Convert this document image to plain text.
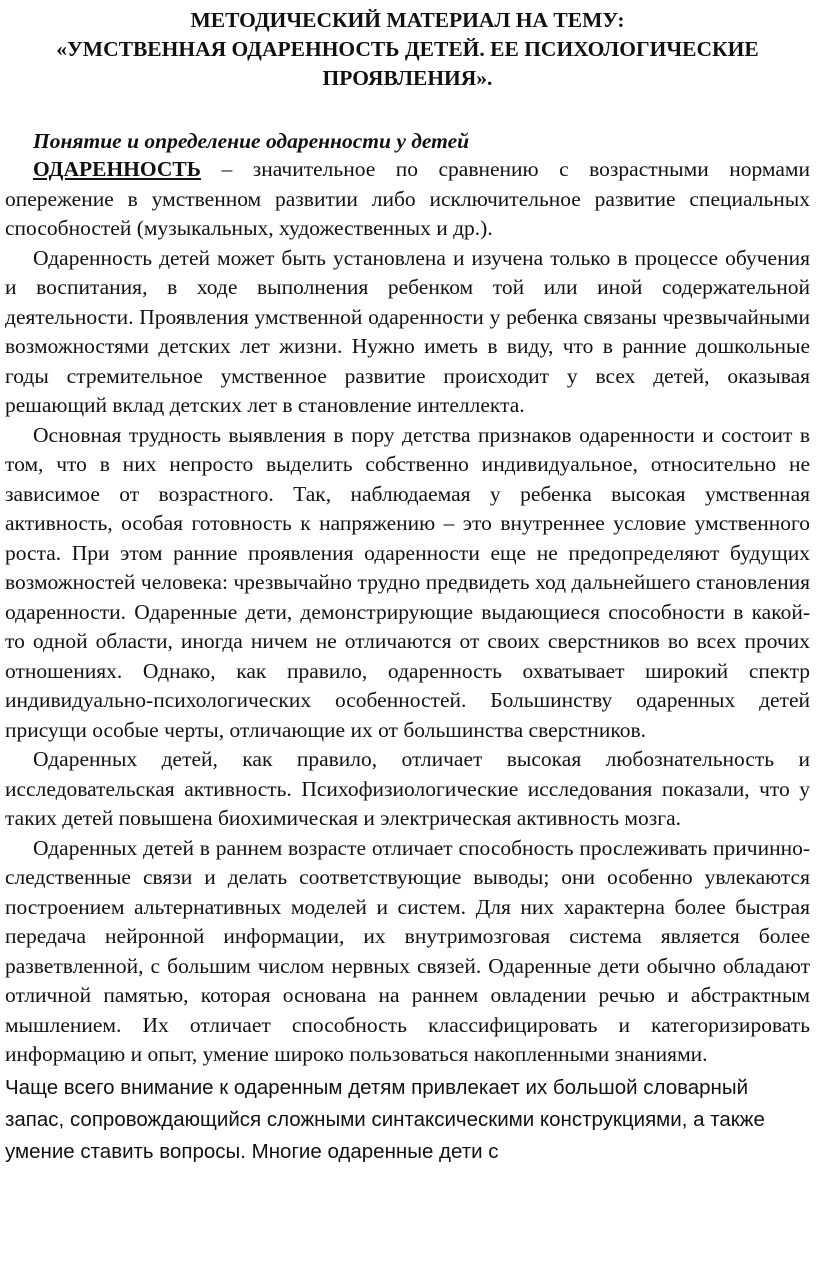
МЕТОДИЧЕСКИЙ МАТЕРИАЛ НА ТЕМУ:
«УМСТВЕННАЯ ОДАРЕННОСТЬ ДЕТЕЙ. ЕЕ ПСИХОЛОГИЧЕСКИЕ
ПРОЯВЛЕНИЯ».
Понятие и определение одаренности у детей

ОДАРЕННОСТЬ – значительное по сравнению с возрастными нормами опережение в умственном развитии либо исключительное развитие специальных способностей (музыкальных, художественных и др.).

Одаренность детей может быть установлена и изучена только в процессе обучения и воспитания, в ходе выполнения ребенком той или иной содержательной деятельности. Проявления умственной одаренности у ребенка связаны чрезвычайными возможностями детских лет жизни. Нужно иметь в виду, что в ранние дошкольные годы стремительное умственное развитие происходит у всех детей, оказывая решающий вклад детских лет в становление интеллекта.

Основная трудность выявления в пору детства признаков одаренности и состоит в том, что в них непросто выделить собственно индивидуальное, относительно не зависимое от возрастного. Так, наблюдаемая у ребенка высокая умственная активность, особая готовность к напряжению – это внутреннее условие умственного роста. При этом ранние проявления одаренности еще не предопределяют будущих возможностей человека: чрезвычайно трудно предвидеть ход дальнейшего становления одаренности. Одаренные дети, демонстрирующие выдающиеся способности в какой-то одной области, иногда ничем не отличаются от своих сверстников во всех прочих отношениях. Однако, как правило, одаренность охватывает широкий спектр индивидуально-психологических особенностей. Большинству одаренных детей присущи особые черты, отличающие их от большинства сверстников.

Одаренных детей, как правило, отличает высокая любознательность и исследовательская активность. Психофизиологические исследования показали, что у таких детей повышена биохимическая и электрическая активность мозга.

Одаренных детей в раннем возрасте отличает способность прослеживать причинно-следственные связи и делать соответствующие выводы; они особенно увлекаются построением альтернативных моделей и систем. Для них характерна более быстрая передача нейронной информации, их внутримозговая система является более разветвленной, с большим числом нервных связей. Одаренные дети обычно обладают отличной памятью, которая основана на раннем овладении речью и абстрактным мышлением. Их отличает способность классифицировать и категоризировать информацию и опыт, умение широко пользоваться накопленными знаниями.

Чаще всего внимание к одаренным детям привлекает их большой словарный запас, сопровождающийся сложными синтаксическими конструкциями, а также умение ставить вопросы. Многие одаренные дети с
